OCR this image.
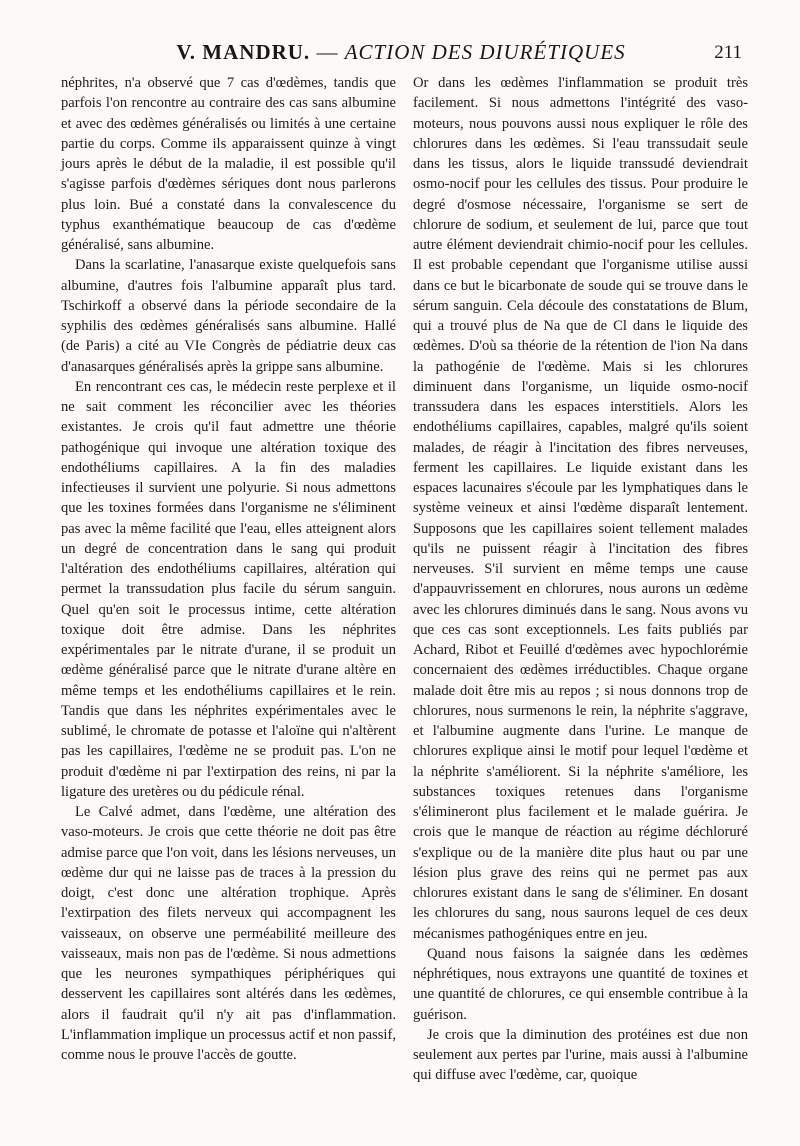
V. MANDRU. — ACTION DES DIURÉTIQUES	211

néphrites, n'a observé que 7 cas d'œdèmes, tandis que parfois l'on rencontre au contraire des cas sans albumine et avec des œdèmes généralisés ou limités à une certaine partie du corps. Comme ils apparaissent quinze à vingt jours après le début de la maladie, il est possible qu'il s'agisse parfois d'œdèmes sériques dont nous parlerons plus loin. Bué a constaté dans la convalescence du typhus exanthématique beaucoup de cas d'œdème généralisé, sans albumine.

Dans la scarlatine, l'anasarque existe quelquefois sans albumine, d'autres fois l'albumine apparaît plus tard. Tschirkoff a observé dans la période secondaire de la syphilis des œdèmes généralisés sans albumine. Hallé (de Paris) a cité au VIe Congrès de pédiatrie deux cas d'anasarques généralisés après la grippe sans albumine.

En rencontrant ces cas, le médecin reste perplexe et il ne sait comment les réconcilier avec les théories existantes. Je crois qu'il faut admettre une théorie pathogénique qui invoque une altération toxique des endothéliums capillaires. A la fin des maladies infectieuses il survient une polyurie. Si nous admettons que les toxines formées dans l'organisme ne s'éliminent pas avec la même facilité que l'eau, elles atteignent alors un degré de concentration dans le sang qui produit l'altération des endothéliums capillaires, altération qui permet la transsudation plus facile du sérum sanguin. Quel qu'en soit le processus intime, cette altération toxique doit être admise. Dans les néphrites expérimentales par le nitrate d'urane, il se produit un œdème généralisé parce que le nitrate d'urane altère en même temps et les endothéliums capillaires et le rein. Tandis que dans les néphrites expérimentales avec le sublimé, le chromate de potasse et l'aloïne qui n'altèrent pas les capillaires, l'œdème ne se produit pas. L'on ne produit d'œdème ni par l'extirpation des reins, ni par la ligature des uretères ou du pédicule rénal.

Le Calvé admet, dans l'œdème, une altération des vaso-moteurs. Je crois que cette théorie ne doit pas être admise parce que l'on voit, dans les lésions nerveuses, un œdème dur qui ne laisse pas de traces à la pression du doigt, c'est donc une altération trophique. Après l'extirpation des filets nerveux qui accompagnent les vaisseaux, on observe une perméabilité meilleure des vaisseaux, mais non pas de l'œdème. Si nous admettions que les neurones sympathiques périphériques qui desservent les capillaires sont altérés dans les œdèmes, alors il faudrait qu'il n'y ait pas d'inflammation. L'inflammation implique un processus actif et non passif, comme nous le prouve l'accès de goutte.

Or dans les œdèmes l'inflammation se produit très facilement. Si nous admettons l'intégrité des vaso-moteurs, nous pouvons aussi nous expliquer le rôle des chlorures dans les œdèmes. Si l'eau transsudait seule dans les tissus, alors le liquide transsudé deviendrait osmo-nocif pour les cellules des tissus. Pour produire le degré d'osmose nécessaire, l'organisme se sert de chlorure de sodium, et seulement de lui, parce que tout autre élément deviendrait chimio-nocif pour les cellules. Il est probable cependant que l'organisme utilise aussi dans ce but le bicarbonate de soude qui se trouve dans le sérum sanguin. Cela découle des constatations de Blum, qui a trouvé plus de Na que de Cl dans le liquide des œdèmes. D'où sa théorie de la rétention de l'ion Na dans la pathogénie de l'œdème. Mais si les chlorures diminuent dans l'organisme, un liquide osmo-nocif transsudera dans les espaces interstitiels. Alors les endothéliums capillaires, capables, malgré qu'ils soient malades, de réagir à l'incitation des fibres nerveuses, ferment les capillaires. Le liquide existant dans les espaces lacunaires s'écoule par les lymphatiques dans le système veineux et ainsi l'œdème disparaît lentement. Supposons que les capillaires soient tellement malades qu'ils ne puissent réagir à l'incitation des fibres nerveuses. S'il survient en même temps une cause d'appauvrissement en chlorures, nous aurons un œdème avec les chlorures diminués dans le sang. Nous avons vu que ces cas sont exceptionnels. Les faits publiés par Achard, Ribot et Feuillé d'œdèmes avec hypochlorémie concernaient des œdèmes irréductibles. Chaque organe malade doit être mis au repos ; si nous donnons trop de chlorures, nous surmenons le rein, la néphrite s'aggrave, et l'albumine augmente dans l'urine. Le manque de chlorures explique ainsi le motif pour lequel l'œdème et la néphrite s'améliorent. Si la néphrite s'améliore, les substances toxiques retenues dans l'organisme s'élimineront plus facilement et le malade guérira. Je crois que le manque de réaction au régime déchloruré s'explique ou de la manière dite plus haut ou par une lésion plus grave des reins qui ne permet pas aux chlorures existant dans le sang de s'éliminer. En dosant les chlorures du sang, nous saurons lequel de ces deux mécanismes pathogéniques entre en jeu.

Quand nous faisons la saignée dans les œdèmes néphrétiques, nous extrayons une quantité de toxines et une quantité de chlorures, ce qui ensemble contribue à la guérison.

Je crois que la diminution des protéines est due non seulement aux pertes par l'urine, mais aussi à l'albumine qui diffuse avec l'œdème, car, quoique
